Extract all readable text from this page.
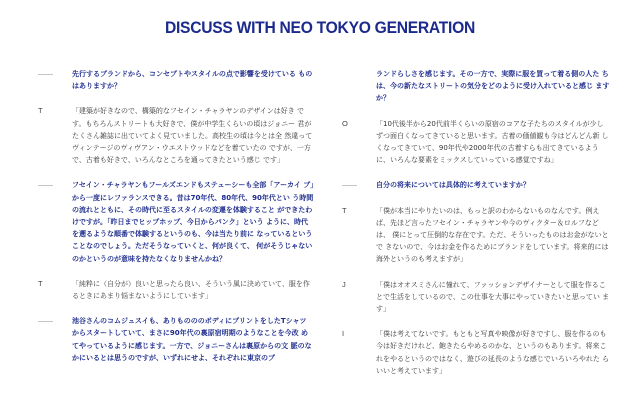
DISCUSS WITH NEO TOKYO GENERATION
——	先行するブランドから、コンセプトやスタイルの点で影響を受けている ものはありますか？
T	「建築が好きなので、構築的なフセイン・チャラヤンのデザインは好き です。もちろんストリートも大好きで、僕が中学生くらいの頃はジョニー 君がたくさん雑誌に出ていてよく見ていました。高校生の頃は今とは全 然違ってヴィンテージのヴィヴアン・ウエストウッドなどを着ていたの ですが、一方で、古着も好きで、いろんなところを通ってきたという感じ です」
——	フセイン・チャラヤンもフールズエンドもステューシーも全部「アーカイ ブ」から一度にレファランスできる。昔は70年代、80年代、90年代とい う時間の流れとともに、その時代に至るスタイルの変遷を体験すること ができたわけですが。「昨日までヒップホップ、今日からパンク」という ように、時代を遡るような順番で体験するというのも、今は当たり前に なっているということなのでしょう。ただそうなっていくと、何が良くて、 何がそうじゃないのかというのが意味を持たなくなりませんかね？
T	「純粋に（自分が）良いと思ったら良い、そういう風に決めていて、服を作 るときにあまり悩まないようにしています」
——	池谷さんのコムジュスイも、ありものののボディにプリントをしたTシャツ からスタートしていて、まさに90年代の裏原宿明期のようなことを今改 めてやっているように感じます。一方で、ジョニーさんは裏原からの文 脈のなかにいるとは思うのですが、いずれにせよ、それぞれに東京のブ
ランドらしさを感じます。その一方で、実際に服を買って着る側の人た ちは、今の新たなストリートの気分をどのように受け入れていると感じ ますか？
O	「10代後半から20代前半くらいの原宿のコアな子たちのスタイルが少し ずつ面白くなってきていると思います。古着の価値観も今はどんどん新 しくなってきていて、90年代や2000年代の古着すらも出てきているよう に、いろんな要素をミックスしていっている感覚ですね」
——	自分の将来については具体的に考えていますか？
T	「僕が本当にやりたいのは、もっと訳のわからないものなんです。例え ば、先ほど言ったフセイン・チャラヤンや今のヴィクター＆ロルフなどは、 僕にとって圧倒的な存在です。ただ、そういったものはお金がないとで きないので、今はお金を作るためにブランドをしています。将来的には 海外というのも考えますが」
J	「僕はオオスミさんに憧れて、ファッションデザイナーとして服を作るこ とで生活をしているので、この仕事を大事にやっていきたいと思ってい ます」
I	「僕は考えてないです。もともと写真や映像が好きですし、服を作るのも 今は好きだけれど、飽きたらやめるのかな、というのもあります。将来こ れをやるというのではなく、遊びの延長のような感じでいろいろやれた らいいと考えています」
